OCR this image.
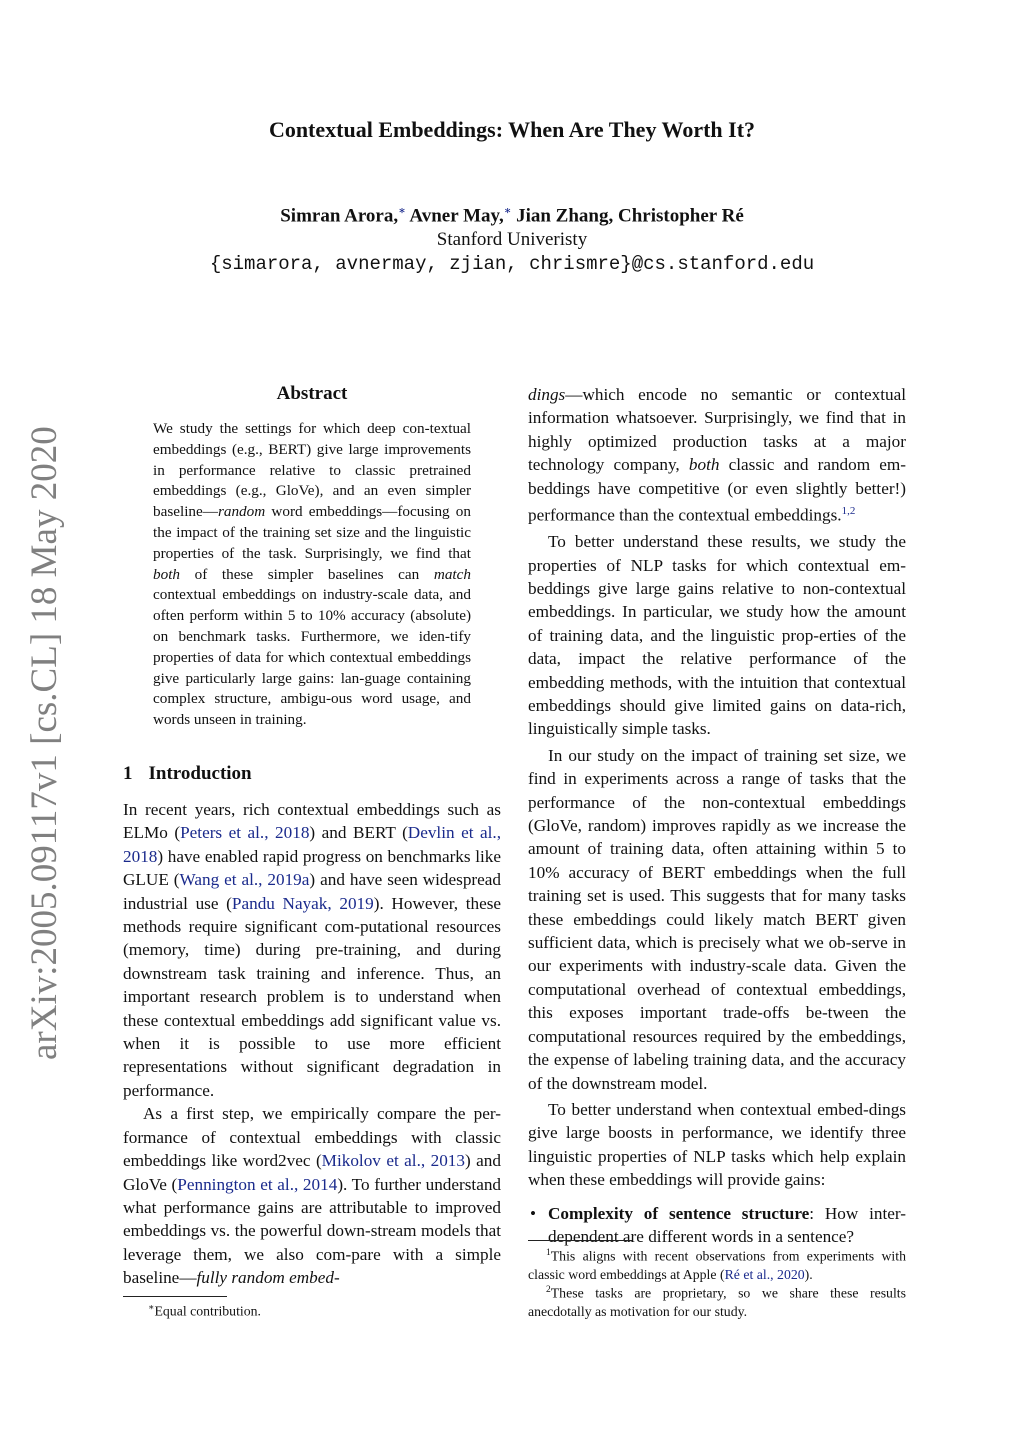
arXiv:2005.09117v1 [cs.CL] 18 May 2020
Contextual Embeddings: When Are They Worth It?
Simran Arora,∗ Avner May,∗ Jian Zhang, Christopher Ré
Stanford Univeristy
{simarora, avnermay, zjian, chrismre}@cs.stanford.edu
Abstract
We study the settings for which deep con-textual embeddings (e.g., BERT) give large improvements in performance relative to classic pretrained embeddings (e.g., GloVe), and an even simpler baseline—random word embeddings—focusing on the impact of the training set size and the linguistic properties of the task. Surprisingly, we find that both of these simpler baselines can match contextual embeddings on industry-scale data, and often perform within 5 to 10% accuracy (absolute) on benchmark tasks. Furthermore, we iden-tify properties of data for which contextual embeddings give particularly large gains: lan-guage containing complex structure, ambigu-ous word usage, and words unseen in training.
1 Introduction

In recent years, rich contextual embeddings such as ELMo (Peters et al., 2018) and BERT (Devlin et al., 2018) have enabled rapid progress on benchmarks like GLUE (Wang et al., 2019a) and have seen widespread industrial use (Pandu Nayak, 2019). However, these methods require significant com-putational resources (memory, time) during pre-training, and during downstream task training and inference. Thus, an important research problem is to understand when these contextual embeddings add significant value vs. when it is possible to use more efficient representations without significant degradation in performance.

As a first step, we empirically compare the per-formance of contextual embeddings with classic embeddings like word2vec (Mikolov et al., 2013) and GloVe (Pennington et al., 2014). To further understand what performance gains are attributable to improved embeddings vs. the powerful down-stream models that leverage them, we also com-pare with a simple baseline—fully random embed-

∗Equal contribution.

dings—which encode no semantic or contextual information whatsoever. Surprisingly, we find that in highly optimized production tasks at a major technology company, both classic and random em-beddings have competitive (or even slightly better!) performance than the contextual embeddings.$^{1,2}$

To better understand these results, we study the properties of NLP tasks for which contextual em-beddings give large gains relative to non-contextual embeddings. In particular, we study how the amount of training data, and the linguistic prop-erties of the data, impact the relative performance of the embedding methods, with the intuition that contextual embeddings should give limited gains on data-rich, linguistically simple tasks.

In our study on the impact of training set size, we find in experiments across a range of tasks that the performance of the non-contextual embeddings (GloVe, random) improves rapidly as we increase the amount of training data, often attaining within 5 to 10% accuracy of BERT embeddings when the full training set is used. This suggests that for many tasks these embeddings could likely match BERT given sufficient data, which is precisely what we ob-serve in our experiments with industry-scale data. Given the computational overhead of contextual embeddings, this exposes important trade-offs be-tween the computational resources required by the embeddings, the expense of labeling training data, and the accuracy of the downstream model.

To better understand when contextual embed-dings give large boosts in performance, we identify three linguistic properties of NLP tasks which help explain when these embeddings will provide gains:

• Complexity of sentence structure: How inter-dependent are different words in a sentence?
$^1$This aligns with recent observations from experiments with classic word embeddings at Apple (Ré et al., 2020).
$^2$These tasks are proprietary, so we share these results anecdotally as motivation for our study.
